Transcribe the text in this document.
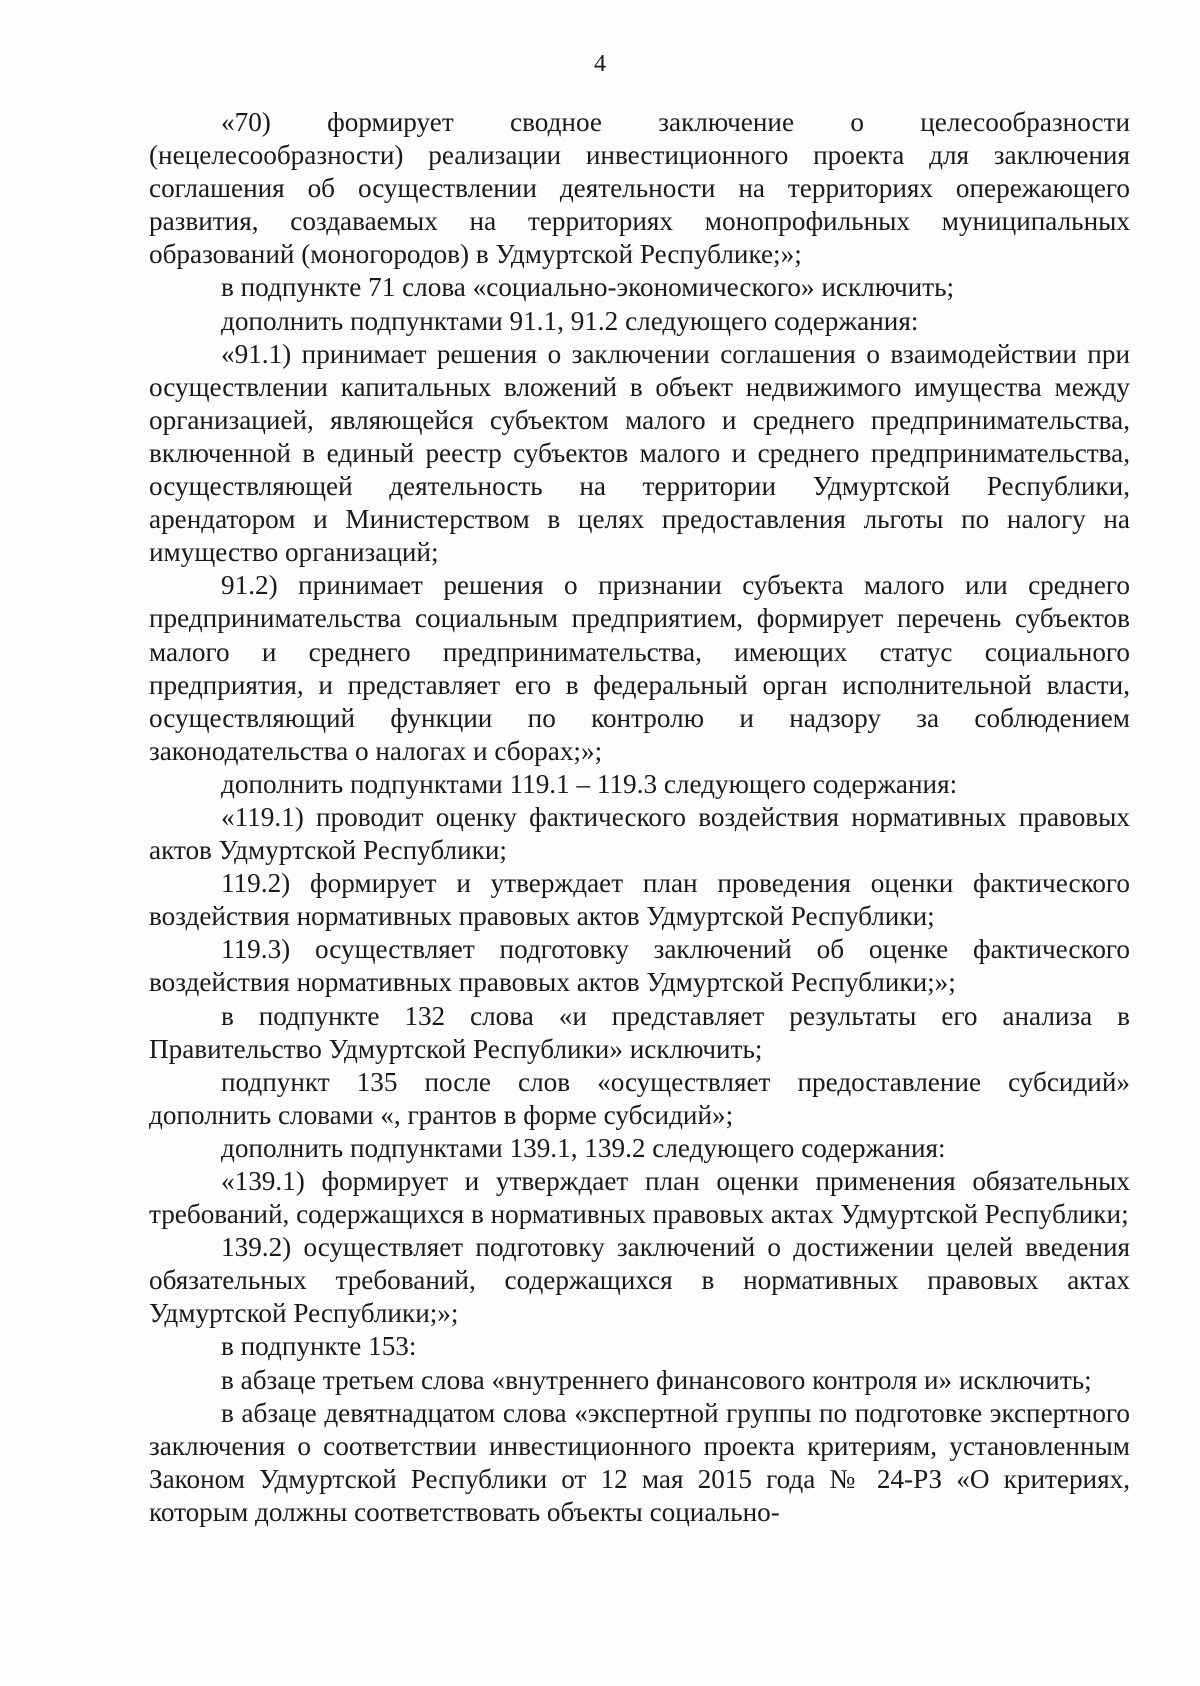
4

«70) формирует сводное заключение о целесообразности (нецелесообразности) реализации инвестиционного проекта для заключения соглашения об осуществлении деятельности на территориях опережающего развития, создаваемых на территориях монопрофильных муниципальных образований (моногородов) в Удмуртской Республике;»;

в подпункте 71 слова «социально-экономического» исключить;

дополнить подпунктами 91.1, 91.2 следующего содержания:

«91.1) принимает решения о заключении соглашения о взаимодействии при осуществлении капитальных вложений в объект недвижимого имущества между организацией, являющейся субъектом малого и среднего предпринимательства, включенной в единый реестр субъектов малого и среднего предпринимательства, осуществляющей деятельность на территории Удмуртской Республики, арендатором и Министерством в целях предоставления льготы по налогу на имущество организаций;

91.2) принимает решения о признании субъекта малого или среднего предпринимательства социальным предприятием, формирует перечень субъектов малого и среднего предпринимательства, имеющих статус социального предприятия, и представляет его в федеральный орган исполнительной власти, осуществляющий функции по контролю и надзору за соблюдением законодательства о налогах и сборах;»;

дополнить подпунктами 119.1 – 119.3 следующего содержания:

«119.1) проводит оценку фактического воздействия нормативных правовых актов Удмуртской Республики;

119.2) формирует и утверждает план проведения оценки фактического воздействия нормативных правовых актов Удмуртской Республики;

119.3) осуществляет подготовку заключений об оценке фактического воздействия нормативных правовых актов Удмуртской Республики;»;

в подпункте 132 слова «и представляет результаты его анализа в Правительство Удмуртской Республики» исключить;

подпункт 135 после слов «осуществляет предоставление субсидий» дополнить словами «, грантов в форме субсидий»;

дополнить подпунктами 139.1, 139.2 следующего содержания:

«139.1) формирует и утверждает план оценки применения обязательных требований, содержащихся в нормативных правовых актах Удмуртской Республики;

139.2) осуществляет подготовку заключений о достижении целей введения обязательных требований, содержащихся в нормативных правовых актах Удмуртской Республики;»;

в подпункте 153:

в абзаце третьем слова «внутреннего финансового контроля и» исключить;

в абзаце девятнадцатом слова «экспертной группы по подготовке экспертного заключения о соответствии инвестиционного проекта критериям, установленным Законом Удмуртской Республики от 12 мая 2015 года № 24-РЗ «О критериях, которым должны соответствовать объекты социально-
